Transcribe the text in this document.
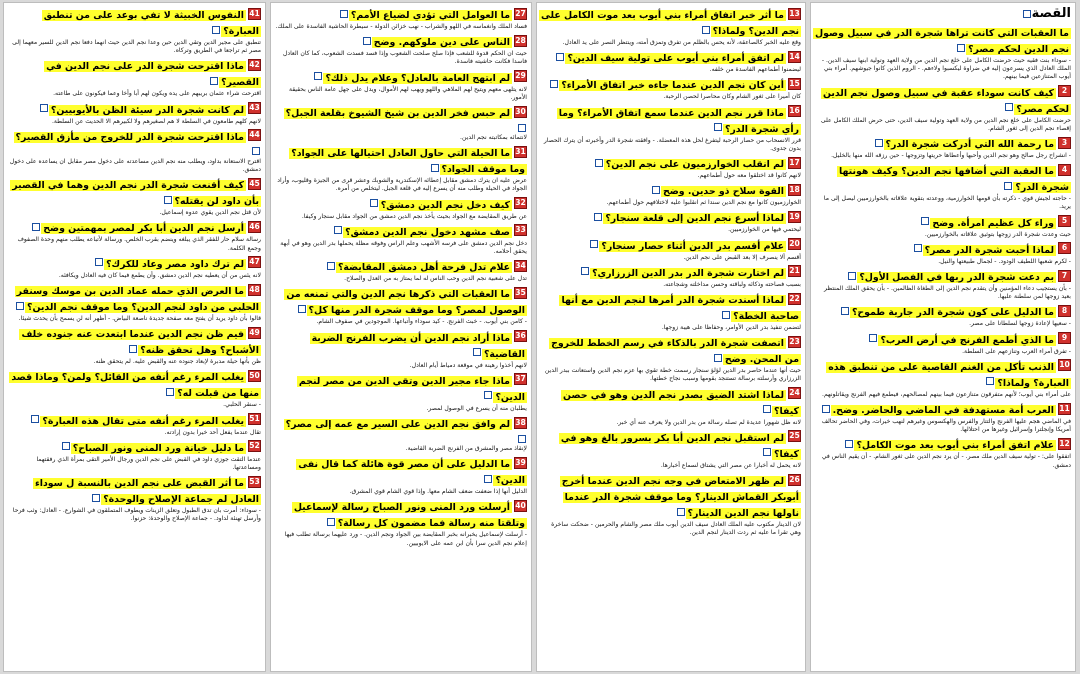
القصة
ما العقبات التي كانت تراها شجرة الدر في سبيل وصول نجم الدين لحكم مصر؟
- سوداء بنت فقيه حيث حرضت الكامل على خلع نجم الدين من ولاية العهد وتولية ابنها سيف الدين. - الملك العادل الذي يسرعون إليه في ضراوة ليكسبوا ولاءهم. - الروم الذين كانوا جيوشهم. أمراء بني أيوب المتنازعين فيما بينهم.
2كيف كانت سوداء عقبة في سبيل وصول نجم الدين لحكم مصر؟
حرضت الكامل على خلع نجم الدين من ولاية العهد وتولية سيف الدين، حتى حرض الملك الكامل على إقصاء نجم الدين إلى ثغور الشام.
3ما رحمة الله التي أدركت شجرة الدر؟
- انشراح رجل صالح وهو نجم الدين وأحبها وأعطاها حريتها وتزوجها - حين رزقه الله منها بالخليل.
4ما العقبة التي أضافها نجم الدين؟ وكيف هونتها شجرة الدر؟
- حاجته لجيش قوي - ذكرته بأن قومها الخوارزمية، ووعدته بتقوية علاقاته بالخوارزميين ليصل إلى ما يريد.
5وراء كل عظيم امرأة. وضح
حيث وعدت شجرة الدر زوجها بتوثيق علاقاته بالخوارزميين.
6لماذا أحبت شجرة الدر مصر؟
- لكرم شعبها اللطيف الودود. - لجمال طبيعتها والنيل.
7بم دعت شجرة الدر ربها في الفصل الأول؟
- بأن يستجيب دعاء المؤمنين وأن يتقدم نجم الدين إلى الطغاة الظالمين. - بأن يحقق الملك المنتظر بعيد زوجها لمن سلطنة عليها.
8ما الدليل على كون شجرة الدر جارية طموح؟
- سعيها لإعادة زوجها لسلطانا على مصر.
9ما الذي أطمع الفرنج في أرض العرب؟
- تفرق أمراء العرب وتنازعهم على السلطة.
10الذنب تأكل من الغنم القاصية على من تنطبق هذه العبارة؟ ولماذا؟
على أمراء بني أيوب؛ لأنهم متفرقون متنازعون فيما بينهم لمصالحهم، فيطمع فيهم الفرنج ويقاتلونهم.
11العرب أمة مستهدفة في الماضي والحاضر. وضح.
في الماضي هجم عليها الفرنج والتتار والفرس والهكسوس وغيرهم لنهب خيرات، وفي الحاضر تحالف أمريكا وإنجلترا وإسرائيل وغيرها من احتلالها.
12علام اتفق أمراء بني أيوب بعد موت الكامل؟
اتفقوا على: - تولية سيف الدين ملك مصر. - أن يرد نجم الدين على ثغور الشام. - أن يقيم الناس في دمشق.
13ما أثر خبر اتفاق أمراء بني أيوب بعد موت الكامل على نجم الدين؟ ولماذا؟
وقع عليه الخبر كالصاعقة، لأنه يحس بالظلم من تفرق وتمزق أمته، وينتظر النصر على يد العادل.
14لم اتفق أمراء بني أيوب على تولية سيف الدين؟
ليضمنوا أطماعهم الفاسدة من خلفه.
15أين كان نجم الدين عندما جاءه خبر اتفاق الأمراء؟
كان أميرا على ثغور الشام وكان محاصرا لحصن الرحبة.
16ماذا قرر نجم الدين عندما سمع اتفاق الأمراء؟ وما رأي شجرة الدر؟
قرر الانسحاب من حصار الرحبة ليتفرغ لحل هذه المعضلة. - وافقته شجرة الدر وأخبرته أن يترك الحصار بدون جدوى.
17لم انقلب الخوارزميون على نجم الدين؟
لانهم كانوا قد اختلقوا معه حول أطماعهم.
18القوة سلاح ذو حدين. وضح
الخوارزميون كانوا مع نجم الدين سندا ثم انقلبوا عليه لاختلافهم حول أطماعهم.
19لماذا أسرع نجم الدين إلى قلعة سنجار؟
ليحتمي فيها من الخوارزميين.
20علام أقسم بدر الدين أثناء حصار سنجار؟
أقسم ألا ينصرف إلا بعد القبض على نجم الدين.
21لم اختارت شجرة الدر بدر الدين الزرزاري؟
بسبب فصاحته وذكائه ولباقته وحسن مداخلته وشجاعته.
22لماذا أسندت شجرة الدر أمرها لنجم الدين مع أنها صاحبة الخطة؟
لتضمن تنفيذ بدر الدين الأوامر، وحفاظا على هيبة زوجها.
23اتصفت شجرة الدر بالذكاء في رسم الخطط للخروج من المحن. وضح
حيث أنها عندما حاصر بدر الدين لؤلؤ سنجار رسمت خطة تقوي بها عزم نجم الدين واستعانت ببدر الدين الزرزاري وأرسلته برسالة تستنجد بقومها وسبب نجاح خطتها.
24لماذا اشتد الضيق بصدر نجم الدين وهو في حصن كيفا؟
لانه ظل شهورا عديدة لم تصله رسالة من بدر الدين ولا يعرف عنه أي خبر.
25لم استقبل نجم الدين أبا بكر بسرور بالغ وهو في كيفا؟
لانه يحمل له أخبارا عن مصر التي يشتاق لسماع أخبارها.
26لم ظهر الامتعاض في وجه نجم الدين عندما أخرج أبوبكر القماش الدينار؟ وما موقف شجرة الدر عندما ناولها نجم الدين الدينار؟
لان الدينار مكتوب عليه الملك العادل سيف الدين أيوب ملك مصر والشام والحرمين - ضحكت ساخرة وهي تقرا ما عليه ثم ردت الدينار لنجم الدين.
27ما العوامل التي تؤدي لضياع الأمم؟
فساد الملك وانغماسه في اللهو والشراب - نهب خزائن الدولة - سيطرة الحاشية الفاسدة على الملك.
28الناس على دين ملوكهم. وضح
حيث ان الحكم قدوة للشعب فإذا صلح صلحت الشعوب وإذا فسد فسدت الشعوب، كما كان العادل فاسدا فكانت حاشيته فاسدة.
29لم ابتهج العامة بالعادل؟ وعلام يدل ذلك؟
لانه يتلهى معهم ويتيح لهم الملاهي واللهو ويهب لهم الأموال، ويدل على جهل عامة الناس بحقيقة الأمور.
30لم حبس فخر الدين بن شيخ الشيوخ بقلعة الجبل؟
لانتمائه بمكاتبته نجم الدين.
31ما الحيلة التي حاول العادل احتيالها على الجواد؟ وما موقف الجواد؟
عرض عليه ان يترك دمشق مقابل إعطائه الإسكندرية والشوبك وعشر قرى من الجيزة وقليوب، وأراد الجواد في الحيلة وطلب منه أن يسرع إليه في قلعة الجبل. ليتخلص من أمره.
32كيف دخل نجم الدين دمشق؟
عن طريق المقايضة مع الجواد بحيث يأخذ نجم الدين دمشق من الجواد مقابل سنجار وكيفا.
33صف مشهد دخول نجم الدين دمشق؟
دخل نجم الدين دمشق على فرسه الأشهب وعلم الراس وفوقه مظلة يحملها بدر الدين وهو في أبهة يحقق أحلامه.
34علام تدل فرحة أهل دمشق المقايضة؟
تدل على شعبية نجم الدين وحب الناس له لما يمتاز به من العدل والصلاح.
35ما العقبات التي ذكرها نجم الدين والتي تمنعه من الوصول لمصر؟ وما موقف شجرة الدر منها كل؟
- كامن بني أيوب. - خبث الفرنج. - كيد سوداء وأتباعها. الموجودين في صفوف الشام.
36ماذا أراد نجم الدين أن يضرب الفرنج الضربة القاضية؟
لانهم أخذوا رهينة في موقعة دمياط أيام العادل.
37ماذا جاء مجير الدين وتقي الدين من مصر لنجم الدين؟
يطلبان منه أن يسرع في الوصول لمصر.
38لم وافق نجم الدين على السير مع عمه إلى مصر؟
لإنقاذ مصر والمشرق من الفرنج الضربة القاضية.
39ما الدليل على أن مصر قوة هائلة كما قال نفى الدين؟
الدليل أنها إذا ضعفت ضعف الشام معها. وإذا قوي الشام قوي المشرق.
40أرسلت ورد المنى ونور الصباح رسالة لإسماعيل وتلقتا منه رسالة فما مضمون كل رسالة؟
- أرسلت لإسماعيل يخبرانه بخبر المقايضة بين الجواد ونجم الدين. - ورد عليهما برسالة تطلب فيها إعلام نجم الدين سرا بأن ابن عمه على الايوبيين.
41النفوس الخبيثة لا تفي بوعد على من تنطبق العبارة؟
تنطبق على مجير الدين وتقي الدين حين وعدا نجم الدين حيث انهما دفعا نجم الدين للسير معهما إلى مصر ثم تراجعا في الطريق وتركاه.
42ماذا اقترحت شجرة الدر على نجم الدين في القصير؟
اقترحت شراء عثمان بريبهم على يده ويكون لهم أبا وأخا وعما فيكونون على طاعته.
43لم كانت شجرة الدر سيئة الظن بالأيوبيين؟
لانهم كلهم طامعون في السلطة لا هم لصغيرهم ولا لكبيرهم الا الحديث عن السلطة.
44ماذا اقترحت شجرة الدر للخروج من مأزق القصير؟
اقترح الاستعانة بداود، ويطلب منه نجم الدين مساعدته على دخول مصر مقابل ان يساعده على دخول دمشق.
45كيف أقنعت شجرة الدر نجم الدين وهما في القصير بأن داود لن يقتله؟
لأن قتل نجم الدين يقوي عدوه إسماعيل.
46أرسل نجم الدين أبا بكر لمصر بمهمتين وضح
رسالة سلام حار للفقر الذي يبلغه وينضم بقرب الخلص. ورسالة لأتباعه يطلب منهم وحدة الصفوف وجمع الكلمة.
47لم ترك داود مصر وعاد للكرك؟
لانه يئس من أن يعطيه نجم الدين دمشق. وأن يطمع فيما كان فيه العادل ويكافئه.
48ما العرض الذي حمله عماد الدين بن موسك وسنقر الحلبي من داود لنجم الدين؟ وما موقف نجم الدين؟
قالوا بأن داود يريد أن يفتح معه صفحة جديدة ناصعة البياض. - أظهر أنه لن يسمح بأن يحدث شيئا.
49فيم ظن نجم الدين عندما ابتعدت عنه جنوده خلف الأشباح؟ وهل تحقق ظنه؟
ظن بأنها حيلة مدبرة لإبعاد جنوده عنه والقبض عليه. لم يتحقق ظنه.
50يغلب المرء رغم أنفه من القائل؟ ولمن؟ وماذا قصد منها من قبلت له؟
- سنقر الحلبي.
51يغلب المرء رغم أنفه متى تقال هذه العبارة؟
تقال عندما يفعل أحد خيرا بدون إرادته.
52ما دليل خيانة ورد المنى ونور الصباح؟
عندما التقت جوزي داود في القبض على نجم الدين ورجال الأمير التقى بمرأة الذي رفقتهما ومساعدتها.
53ما أثر القبض على نجم الدين بالنسبة ل سوداء العادل لم جماعة الإصلاح والوحدة؟
- سوداء: أمرت بان تدق الطبول وتعلق الزينات ويطوف المتملقون في الشوارع. - العادل: وثب فرحا وأرسل تهنئة لداود. - جماعة الإصلاح والوحدة: حزنوا.
